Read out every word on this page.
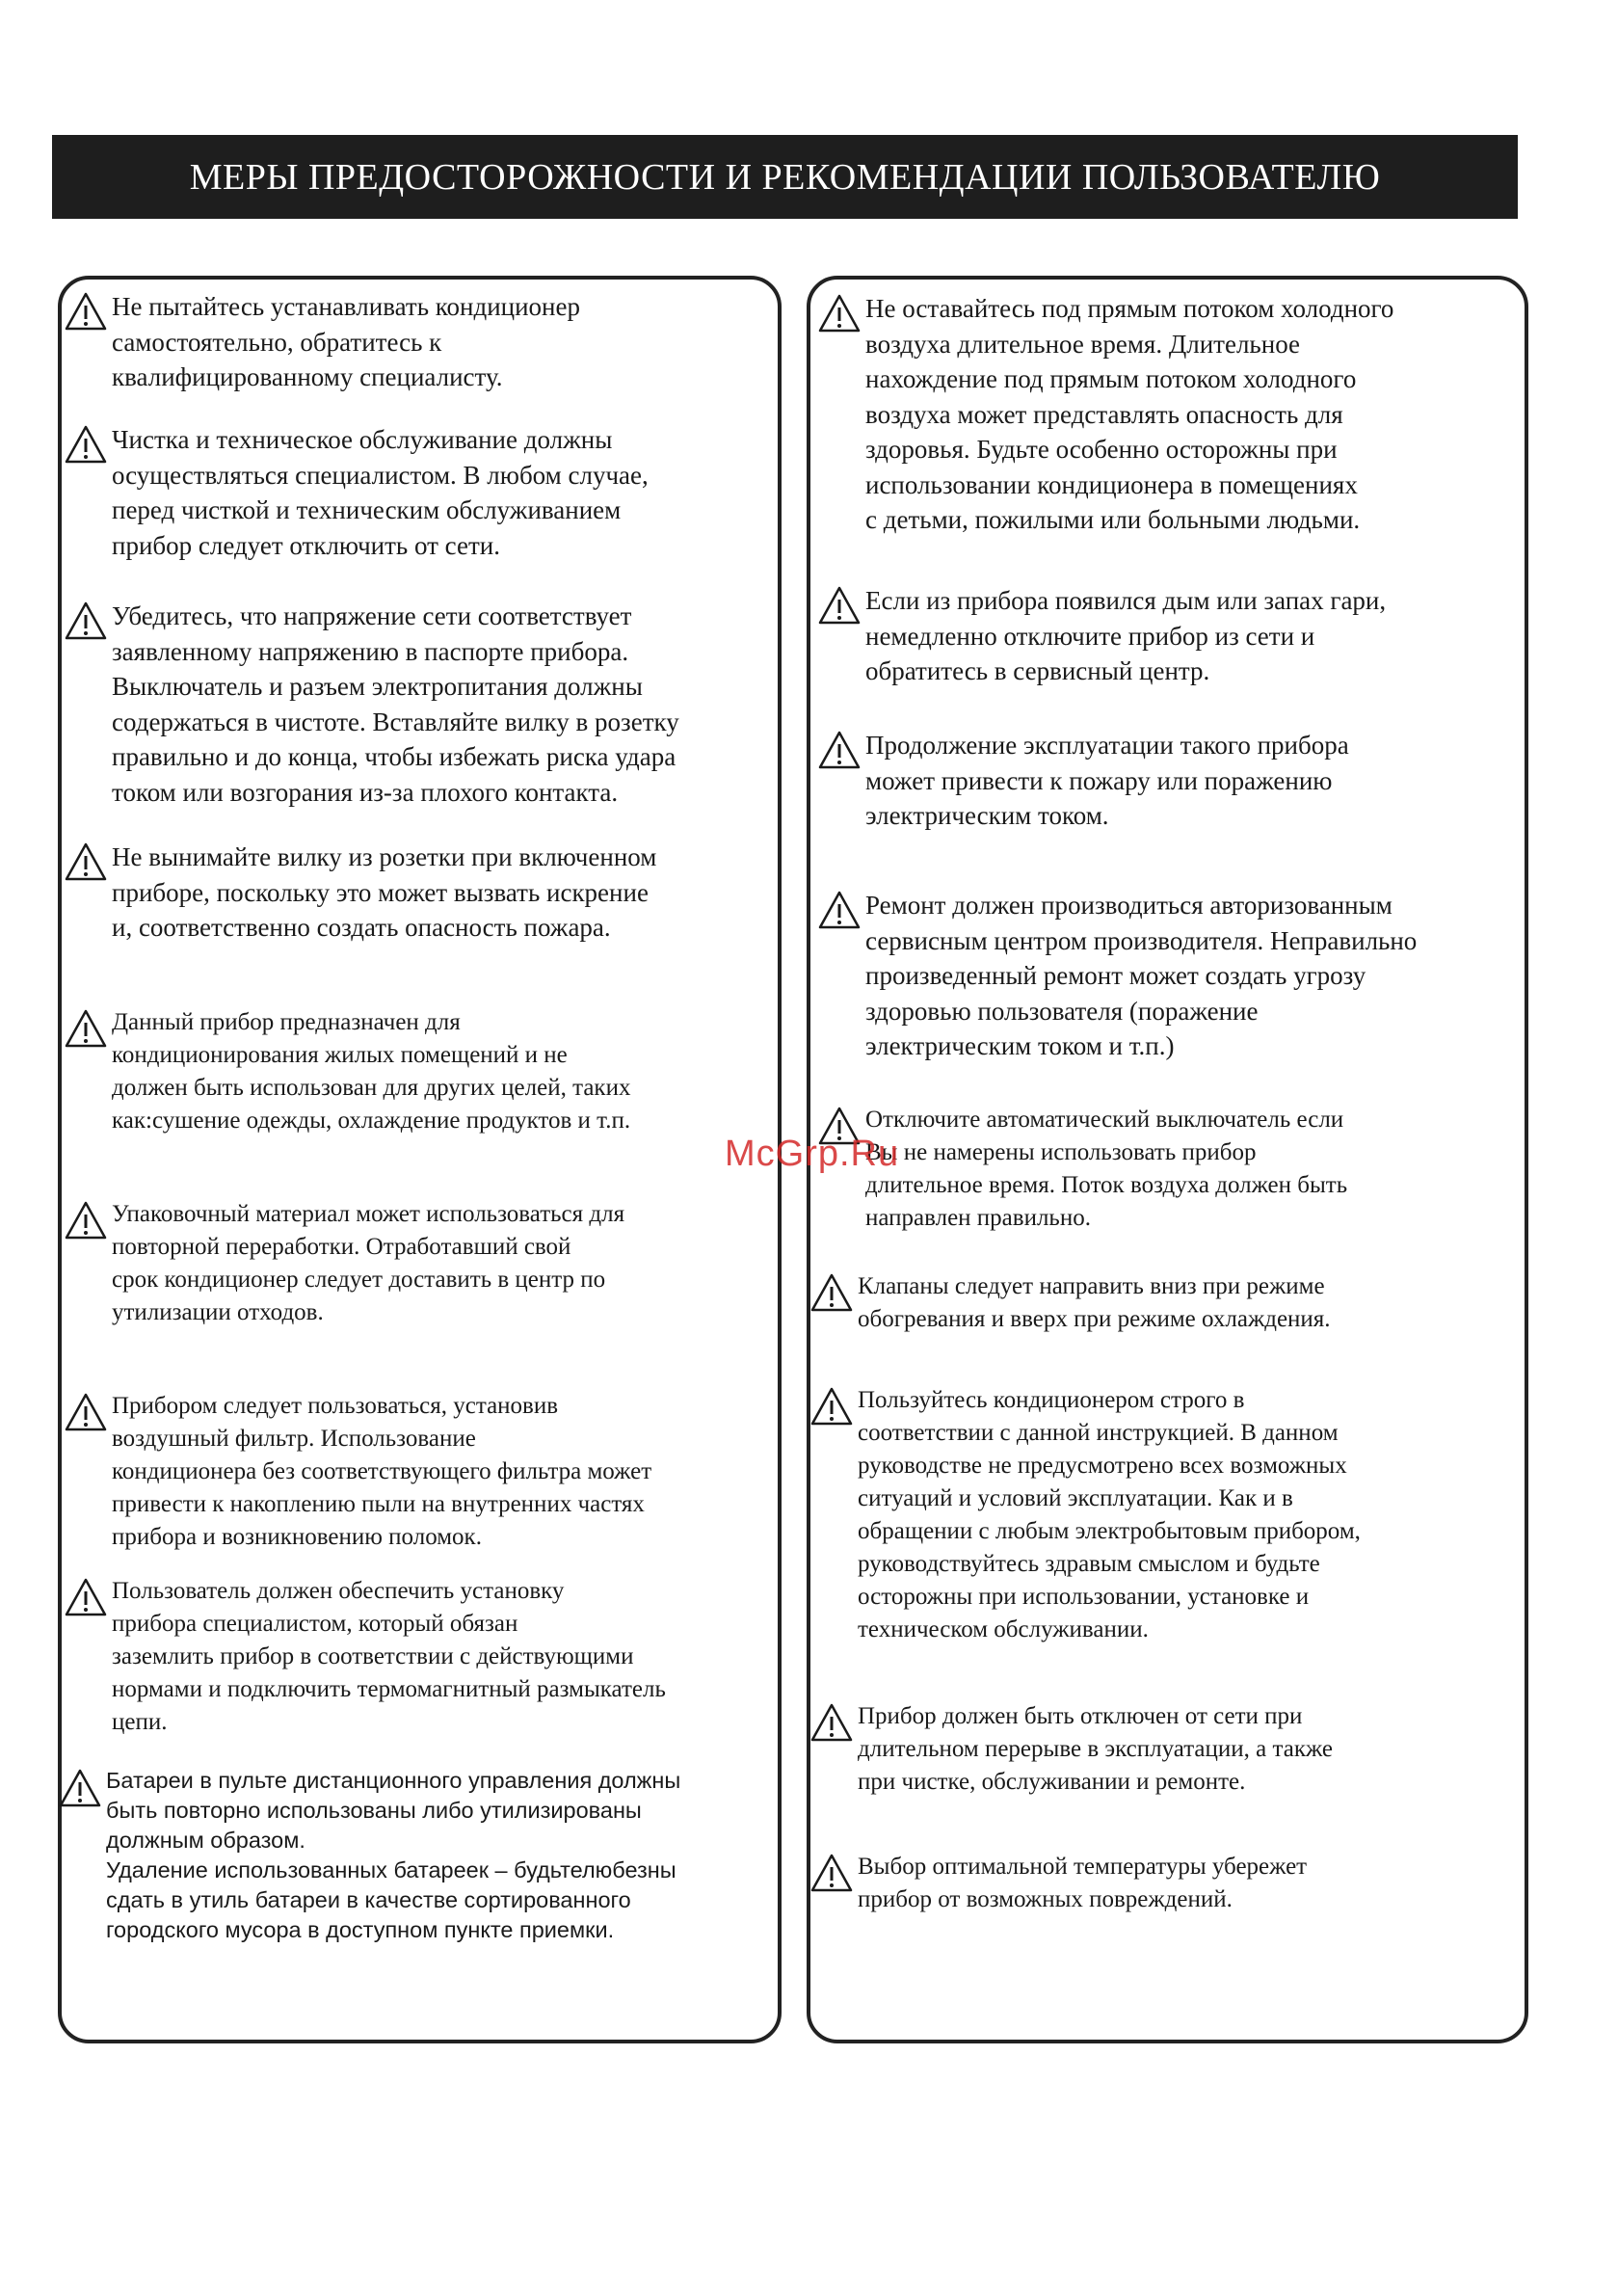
МЕРЫ ПРЕДОСТОРОЖНОСТИ И РЕКОМЕНДАЦИИ ПОЛЬЗОВАТЕЛЮ
Не пытайтесь устанавливать кондиционер
самостоятельно, обратитесь к
квалифицированному специалисту.
Чистка и техническое обслуживание должны
осуществляться специалистом. В любом случае,
перед чисткой и техническим обслуживанием
прибор следует отключить от сети.
Убедитесь, что напряжение сети соответствует
заявленному напряжению в паспорте прибора.
Выключатель и разъем электропитания должны
содержаться в чистоте. Вставляйте вилку в розетку
правильно и до конца, чтобы избежать риска удара
током или возгорания из-за плохого контакта.
Не вынимайте вилку из розетки при включенном
приборе, поскольку это может вызвать искрение
и, соответственно создать опасность пожара.
Данный прибор предназначен для
кондиционирования жилых помещений и не
должен быть использован для других целей, таких
как:сушение одежды, охлаждение продуктов и т.п.
Упаковочный материал может использоваться для
повторной переработки. Отработавший свой
срок кондиционер следует доставить в центр по
утилизации отходов.
Прибором следует пользоваться, установив
воздушный фильтр. Использование
кондиционера без соответствующего фильтра может
привести к накоплению пыли на внутренних частях
прибора и возникновению поломок.
Пользователь должен обеспечить установку
прибора специалистом, который обязан
заземлить прибор в соответствии с действующими
нормами и подключить термомагнитный размыкатель
цепи.
Батареи в пульте дистанционного управления должны
быть повторно использованы либо утилизированы
должным образом.
Удаление использованных батареек – будьтелюбезны
сдать в утиль батареи в качестве сортированного
городского мусора в доступном пункте приемки.
Не оставайтесь под прямым потоком холодного
воздуха длительное время. Длительное
нахождение под прямым потоком холодного
воздуха может представлять опасность для
здоровья. Будьте особенно осторожны при
использовании кондиционера в помещениях
с детьми, пожилыми или больными людьми.
Если из прибора появился дым или запах гари,
немедленно отключите прибор из сети и
обратитесь в сервисный центр.
Продолжение эксплуатации такого прибора
может привести к пожару или поражению
электрическим током.
Ремонт должен производиться авторизованным
сервисным центром производителя. Неправильно
произведенный ремонт может создать угрозу
здоровью пользователя (поражение
электрическим током и т.п.)
Отключите автоматический выключатель если
Вы не намерены использовать прибор
длительное время. Поток воздуха должен быть
направлен правильно.
Клапаны следует направить вниз при режиме
обогревания и вверх при режиме охлаждения.
Пользуйтесь кондиционером строго в
соответствии с данной инструкцией. В данном
руководстве не предусмотрено всех возможных
ситуаций и условий эксплуатации. Как и в
обращении с любым электробытовым прибором,
руководствуйтесь здравым смыслом и будьте
осторожны при использовании, установке и
техническом обслуживании.
Прибор должен быть отключен от сети при
длительном перерыве в эксплуатации, а также
при чистке, обслуживании и ремонте.
Выбор оптимальной температуры убережет
прибор от возможных повреждений.
McGrp.Ru
